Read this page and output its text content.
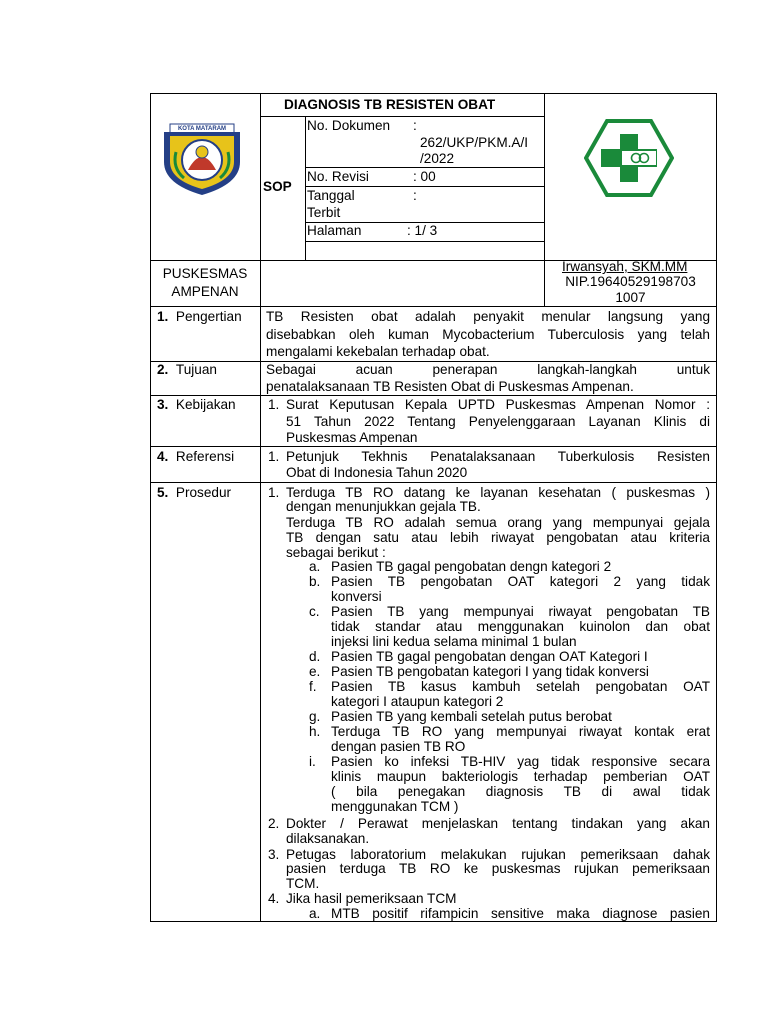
KOTA MATARAM
DIAGNOSIS TB RESISTEN OBAT
SOP
No. Dokumen :
262/UKP/PKM.A/I
/2022
No. Revisi	: 00
Tanggal
Terbit
:
Halaman	: 1/ 3
PUSKESMAS
AMPENAN
Irwansyah, SKM.MM
NIP.19640529198703
1007
1. Pengertian
2. Tujuan
3. Kebijakan
4. Referensi
5. Prosedur
TB Resisten obat adalah penyakit menular langsung yang
disebabkan oleh kuman Mycobacterium Tuberculosis yang telah
mengalami kekebalan terhadap obat.
Sebagai acuan penerapan langkah-langkah untuk
penatalaksanaan TB Resisten Obat di Puskesmas Ampenan.
1. Surat Keputusan Kepala UPTD Puskesmas Ampenan Nomor :
51 Tahun 2022 Tentang Penyelenggaraan Layanan Klinis di
Puskesmas Ampenan
1. Petunjuk Tekhnis Penatalaksanaan Tuberkulosis Resisten
Obat di Indonesia Tahun 2020
1. Terduga TB RO datang ke layanan kesehatan ( puskesmas )
dengan menunjukkan gejala TB.
Terduga TB RO adalah semua orang yang mempunyai gejala
TB dengan satu atau lebih riwayat pengobatan atau kriteria
sebagai berikut :
a. Pasien TB gagal pengobatan dengn kategori 2
b. Pasien TB pengobatan OAT kategori 2 yang tidak
konversi
c. Pasien TB yang mempunyai riwayat pengobatan TB
tidak standar atau menggunakan kuinolon dan obat
injeksi lini kedua selama minimal 1 bulan
d. Pasien TB gagal pengobatan dengan OAT Kategori I
e. Pasien TB pengobatan kategori I yang tidak konversi
f. Pasien TB kasus kambuh setelah pengobatan OAT
kategori I ataupun kategori 2
g. Pasien TB yang kembali setelah putus berobat
h. Terduga TB RO yang mempunyai riwayat kontak erat
dengan pasien TB RO
i. Pasien ko infeksi TB-HIV yag tidak responsive secara
klinis maupun bakteriologis terhadap pemberian OAT
( bila penegakan diagnosis TB di awal tidak
menggunakan TCM )
2. Dokter / Perawat menjelaskan tentang tindakan yang akan
dilaksanakan.
3. Petugas laboratorium melakukan rujukan pemeriksaan dahak
pasien terduga TB RO ke puskesmas rujukan pemeriksaan
TCM.
4. Jika hasil pemeriksaan TCM
a. MTB positif rifampicin sensitive maka diagnose pasien
